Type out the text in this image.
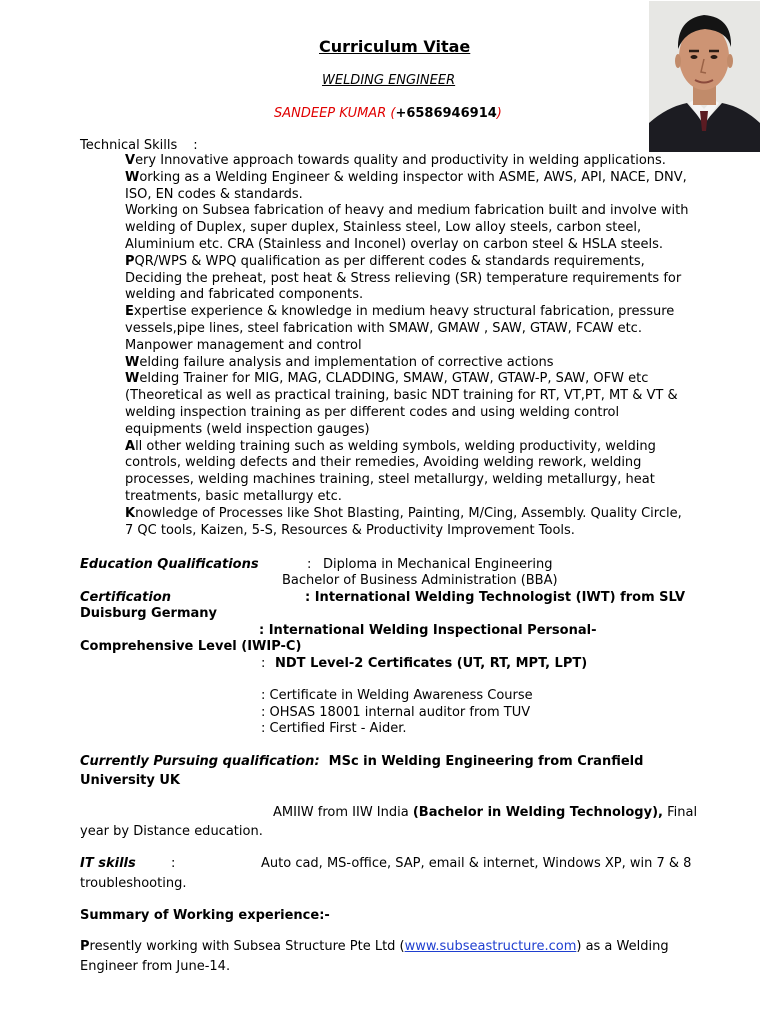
Curriculum Vitae
WELDING ENGINEER
SANDEEP KUMAR (+6586946914)
Technical Skills :
Very Innovative approach towards quality and productivity in welding applications.
Working as a Welding Engineer & welding inspector with ASME, AWS, API, NACE, DNV,
ISO, EN codes & standards.
Working on Subsea fabrication of heavy and medium fabrication built and involve with
welding of Duplex, super duplex, Stainless steel, Low alloy steels, carbon steel,
Aluminium etc. CRA (Stainless and Inconel) overlay on carbon steel & HSLA steels.
PQR/WPS & WPQ qualification as per different codes & standards requirements,
Deciding the preheat, post heat & Stress relieving (SR) temperature requirements for
welding and fabricated components.
Expertise experience & knowledge in medium heavy structural fabrication, pressure
vessels,pipe lines, steel fabrication with SMAW, GMAW , SAW, GTAW, FCAW etc.
Manpower management and control
Welding failure analysis and implementation of corrective actions
Welding Trainer for MIG, MAG, CLADDING, SMAW, GTAW, GTAW-P, SAW, OFW etc
(Theoretical as well as practical training, basic NDT training for RT, VT,PT, MT & VT &
welding inspection training as per different codes and using welding control
equipments (weld inspection gauges)
All other welding training such as welding symbols, welding productivity, welding
controls, welding defects and their remedies, Avoiding welding rework, welding
processes, welding machines training, steel metallurgy, welding metallurgy, heat
treatments, basic metallurgy etc.
Knowledge of Processes like Shot Blasting, Painting, M/Cing, Assembly. Quality Circle,
7 QC tools, Kaizen, 5-S, Resources & Productivity Improvement Tools.
Education Qualifications	: Diploma in Mechanical Engineering
Bachelor of Business Administration (BBA)
Certification	: International Welding Technologist (IWT) from SLV
Duisburg Germany
: International Welding Inspectional Personal-
Comprehensive Level (IWIP-C)
: NDT Level-2 Certificates (UT, RT, MPT, LPT)
: Certificate in Welding Awareness Course
: OHSAS 18001 internal auditor from TUV
: Certified First - Aider.
Currently Pursuing qualification: MSc in Welding Engineering from Cranfield
University UK
AMIIW from IIW India (Bachelor in Welding Technology), Final
year by Distance education.
IT skills	:	Auto cad, MS-office, SAP, email & internet, Windows XP, win 7 & 8
troubleshooting.
Summary of Working experience:-
Presently working with Subsea Structure Pte Ltd (www.subseastructure.com) as a Welding
Engineer from June-14.
